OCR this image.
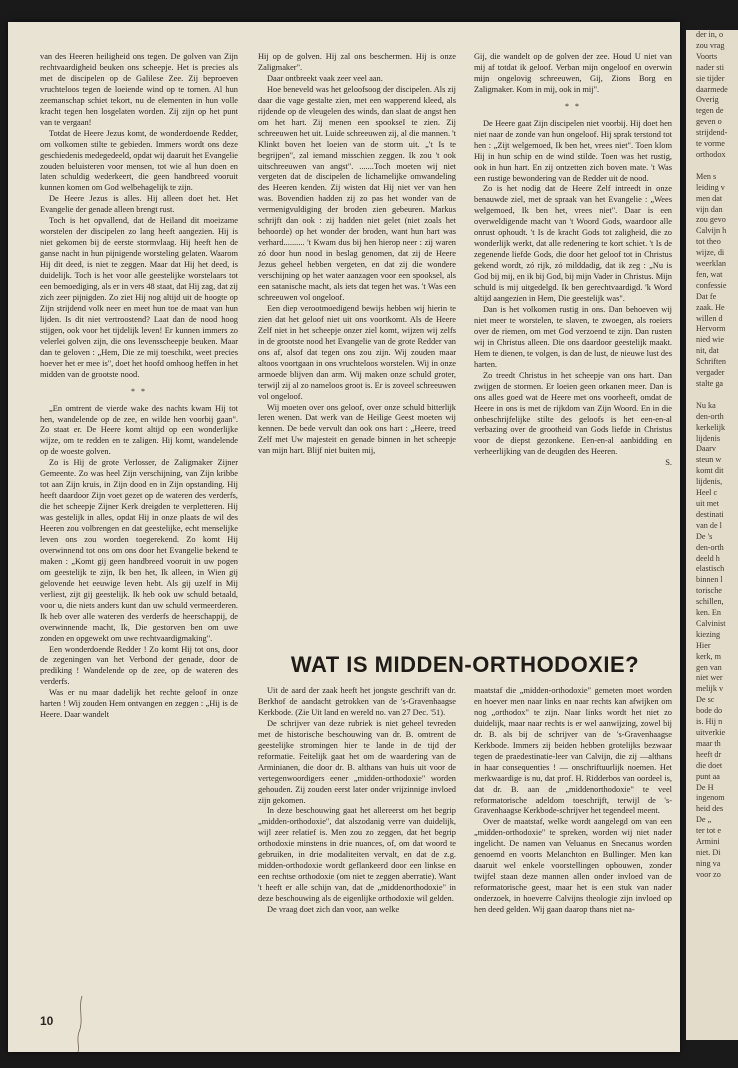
van des Heeren heiligheid ons tegen. De golven van Zijn rechtvaardigheid beuken ons scheepje. Het is precies als met de discipelen op de Galilese Zee. Zij beproeven vruchteloos tegen de loeiende wind op te tornen. Al hun zeemanschap schiet tekort, nu de elementen in hun volle kracht tegen hen losgelaten worden. Zij zijn op het punt van te vergaan!

Totdat de Heere Jezus komt, de wonderdoende Redder, om volkomen stilte te gebieden. Immers wordt ons deze geschiedenis medegedeeld, opdat wij daaruit het Evangelie zouden beluisteren voor mensen, tot wie al hun doen en laten schuldig wederkeert, die geen handbreed vooruit kunnen komen om God welbehagelijk te zijn.

De Heere Jezus is alles. Hij alleen doet het. Het Evangelie der genade alleen brengt rust.

Toch is het opvallend, dat de Heiland dit moeizame worstelen der discipelen zo lang heeft aangezien. Hij is niet gekomen bij de eerste stormvlaag. Hij heeft hen de ganse nacht in hun pijnigende worsteling gelaten. Waarom Hij dit deed, is niet te zeggen. Maar dat Hij het deed, is duidelijk. Toch is het voor alle geestelijke worstelaars tot een bemoediging, als er in vers 48 staat, dat Hij zag, dat zij zich zeer pijnigden. Zo ziet Hij nog altijd uit de hoogte op Zijn strijdend volk neer en meet hun toe de maat van hun lijden. Is dit niet vertroostend? Laat dan de nood hoog stijgen, ook voor het tijdelijk leven! Er kunnen immers zo velerlei golven zijn, die ons levensscheepje beuken. Maar dan te geloven : „Hem, Die ze mij toeschikt, weet precies hoever het er mee is", doet het hoofd omhoog heffen in het midden van de grootste nood.

* *

„En omtrent de vierde wake des nachts kwam Hij tot hen, wandelende op de zee, en wilde hen voorbij gaan". Zo staat er. De Heere komt altijd op een wonderlijke wijze, om te redden en te zaligen. Hij komt, wandelende op de woeste golven.

Zo is Hij de grote Verlosser, de Zaligmaker Zijner Gemeente. Zo was heel Zijn verschijning, van Zijn kribbe tot aan Zijn kruis, in Zijn dood en in Zijn opstanding. Hij heeft daardoor Zijn voet gezet op de wateren des verderfs, die het scheepje Zijner Kerk dreigden te verpletteren. Hij was gestelijk in alles, opdat Hij in onze plaats de wil des Heeren zou volbrengen en dat geestelijke, echt menselijke leven ons zou worden toegerekend. Zo komt Hij overwinnend tot ons om ons door het Evangelie bekend te maken : „Komt gij geen handbreed vooruit in uw pogen om geestelijk te zijn, Ik ben het, Ik alleen, in Wien gij gelovende het eeuwige leven hebt. Als gij uzelf in Mij verliest, zijt gij geestelijk. Ik heb ook uw schuld betaald, voor u, die niets anders kunt dan uw schuld vermeerderen. Ik heb over alle wateren des verderfs de heerschappij, de overwinnende macht, Ik, Die gestorven ben om uwe zonden en opgewekt om uwe rechtvaardigmaking".

Een wonderdoende Redder ! Zo komt Hij tot ons, door de zegeningen van het Verbond der genade, door de prediking ! Wandelende op de zee, op de wateren des verderfs.

Was er nu maar dadelijk het rechte geloof in onze harten ! Wij zouden Hem ontvangen en zeggen : „Hij is de Heere. Daar wandelt

Hij op de golven. Hij zal ons beschermen. Hij is onze Zaligmaker".

Daar ontbreekt vaak zeer veel aan.

Hoe beneveld was het geloofsoog der discipelen. Als zij daar die vage gestalte zien, met een wapperend kleed, als rijdende op de vleugelen des winds, dan slaat de angst hen om het hart. Zij menen een spookseI te zien. Zij schreeuwen het uit. Luide schreeuwen zij, al die mannen. 't Klinkt boven het loeien van de storm uit. „'t Is te begrijpen", zal iemand misschien zeggen. Ik zou 't ook uitschreeuwen van angst". .......Toch moeten wij niet vergeten dat de discipelen de lichamelijke omwandeling des Heeren kenden. Zij wisten dat Hij niet ver van hen was. Bovendien hadden zij zo pas het wonder van de vermenigvuldiging der broden zien gebeuren. Markus schrijft dan ook : zij hadden niet gelet (niet zoals het behoorde) op het wonder der broden, want hun hart was verhard.......... 't Kwam dus bij hen hierop neer : zij waren zó door hun nood in beslag genomen, dat zij de Heere Jezus geheel hebben vergeten, en dat zij die wondere verschijning op het water aanzagen voor een spooksel, als een satanische macht, als iets dat tegen het was. 't Was een schreeuwen vol ongeloof.

Een diep verootmoedigend bewijs hebben wij hierin te zien dat het geloof niet uit ons voortkomt. Als de Heere Zelf niet in het scheepje onzer ziel komt, wijzen wij zelfs in de grootste nood het Evangelie van de grote Redder van ons af, alsof dat tegen ons zou zijn. Wij zouden maar altoos voortgaan in ons vruchteloos worstelen. Wij in onze armoede blijven dan arm. Wij maken onze schuld groter, terwijl zij al zo nameloos groot is. Er is zoveel schreeuwen vol ongeloof.

Wij moeten over ons geloof, over onze schuld bitterlijk leren wenen. Dat werk van de Heilige Geest moeten wij kennen. De bede vervult dan ook ons hart : „Heere, treed Zelf met Uw majesteit en genade binnen in het scheepje van mijn hart. Blijf niet buiten mij,

Gij, die wandelt op de golven der zee. Houd U niet van mij af totdat ik geloof. Verban mijn ongeloof en overwin mijn ongelovig schreeuwen, Gij, Zions Borg en Zaligmaker. Kom in mij, ook in mij".

* *

De Heere gaat Zijn discipelen niet voorbij. Hij doet hen niet naar de zonde van hun ongeloof. Hij sprak terstond tot hen : „Zijt welgemoed, Ik ben het, vrees niet". Toen klom Hij in hun schip en de wind stilde. Toen was het rustig, ook in hun hart. En zij ontzetten zich boven mate. 't Was een rustige bewondering van de Redder uit de nood.

Zo is het nodig dat de Heere Zelf intreedt in onze benauwde ziel, met de spraak van het Evangelie : „Wees welgemoed, Ik ben het, vrees niet". Daar is een overweldigende macht van 't Woord Gods, waardoor alle onrust ophoudt. 't Is de kracht Gods tot zaligheid, die zo wonderlijk werkt, dat alle redenering te kort schiet. 't Is de zegenende liefde Gods, die door het geloof tot in Christus gekend wordt, zó rijk, zó milddadig, dat ik zeg : „Nu is God bij mij, en ik bij God, bij mijn Vader in Christus. Mijn schuld is mij uitgedelgd. Ik ben gerechtvaardigd. 'k Word altijd aangezien in Hem, Die geestelijk was".

Dan is het volkomen rustig in ons. Dan behoeven wij niet meer te worstelen, te slaven, te zwoegen, als roeiers over de riemen, om met God verzoend te zijn. Dan rusten wij in Christus alleen. Die ons daardoor geestelijk maakt. Hem te dienen, te volgen, is dan de lust, de nieuwe lust des harten.

Zo treedt Christus in het scheepje van ons hart. Dan zwijgen de stormen. Er loeien geen orkanen meer. Dan is ons alles goed wat de Heere met ons voorheeft, omdat de Heere in ons is met de rijkdom van Zijn Woord. En in die onbeschrijfelijke stilte des geloofs is het een-en-al verbazing over de grootheid van Gods liefde in Christus voor de diepst gezonkene. Een-en-al aanbidding en verheerlijking van de deugden des Heeren.

S.

WAT IS MIDDEN-ORTHODOXIE?

Uit de aard der zaak heeft het jongste geschrift van dr. Berkhof de aandacht getrokken van de 's-Gravenhaagse Kerkbode. (Zie Uit land en wereld no. van 27 Dec. '51).

De schrijver van deze rubriek is niet geheel tevreden met de historische beschouwing van dr. B. omtrent de geestelijke stromingen hier te lande in de tijd der reformatie. Feitelijk gaat het om de waardering van de Arminianen, die door dr. B. althans van huis uit voor de vertegenwoordigers eener „midden-orthodoxie" worden gehouden. Zij zouden eerst later onder vrijzinnige invloed zijn gekomen.

In deze beschouwing gaat het allereerst om het begrip „midden-orthodoxie", dat alszodanig verre van duidelijk, wijl zeer relatief is. Men zou zo zeggen, dat het begrip orthodoxie minstens in drie nuances, of, om dat woord te gebruiken, in drie modaliteiten vervalt, en dat de z.g. midden-orthodoxie wordt geflankeerd door een linkse en een rechtse orthodoxie (om niet te zeggen aberratie). Want 't heeft er alle schijn van, dat de „middenorthodoxie" in deze beschouwing als de eigenlijke orthodoxie wil gelden.

De vraag doet zich dan voor, aan welke

maatstaf die „midden-orthodoxie" gemeten moet worden en hoever men naar links en naar rechts kan afwijken om nog „orthodox" te zijn. Naar links wordt het niet zo duidelijk, maar naar rechts is er wel aanwijzing, zowel bij dr. B. als bij de schrijver van de 's-Gravenhaagse Kerkbode. Immers zij beiden hebben grotelijks bezwaar tegen de praedestinatie-leer van Calvijn, die zij —althans in haar consequenties ! — onschriftuurlijk noemen. Het merkwaardige is nu, dat prof. H. Ridderbos van oordeel is, dat dr. B. aan de „middenorthodoxie" te veel reformatorische adeldom toeschrijft, terwijl de 's-Gravenhaagse Kerkbode-schrijver het tegendeel meent.

Over de maatstaf, welke wordt aangelegd om van een „midden-orthodoxie" te spreken, worden wij niet nader ingelicht. De namen van Veluanus en Snecanus worden genoemd en voorts Melanchton en Bullinger. Men kan daaruit wel enkele voorstellingen opbouwen, zonder twijfel staan deze mannen allen onder invloed van de reformatorische geest, maar het is een stuk van nader onderzoek, in hoeverre Calvijns theologie zijn invloed op hen deed gelden. Wij gaan daarop thans niet na-

10
der in, o
zou vrag
Voorts
nader sti
sie tijder
daarmede
Overig
tegen de
geven o
strijdend-
te vorme
orthodox

Men s
leiding v
men dat
vijn dan
zou gevo
Calvijn h
tot theo
wijze, di
weerklan
fen, wat
confessie
Dat fe
zaak. He
willen d
Hervorm
nied wie
nit, dat
Schriften
vergader
stalte ga

Nu ka
den-orth
kerkelijk
lijdenis
Daarv
steun w
komt dit
lijdenis,
Heel c
uit met
destinati
van de l
De 's
den-orth
deeld h
elastisch
binnen l
torische
schillen,
ken. En
Calvinist
kiezing
Hier
kerk, m
gen van
niet wer
melijk v
De sc
bode do
is. Hij n
uitverkie
maar th
heeft dr
die doet
punt aa
De H
ingenom
heid des
De „
ter tot e
Armini
niet. Di
ning va
voor zo
